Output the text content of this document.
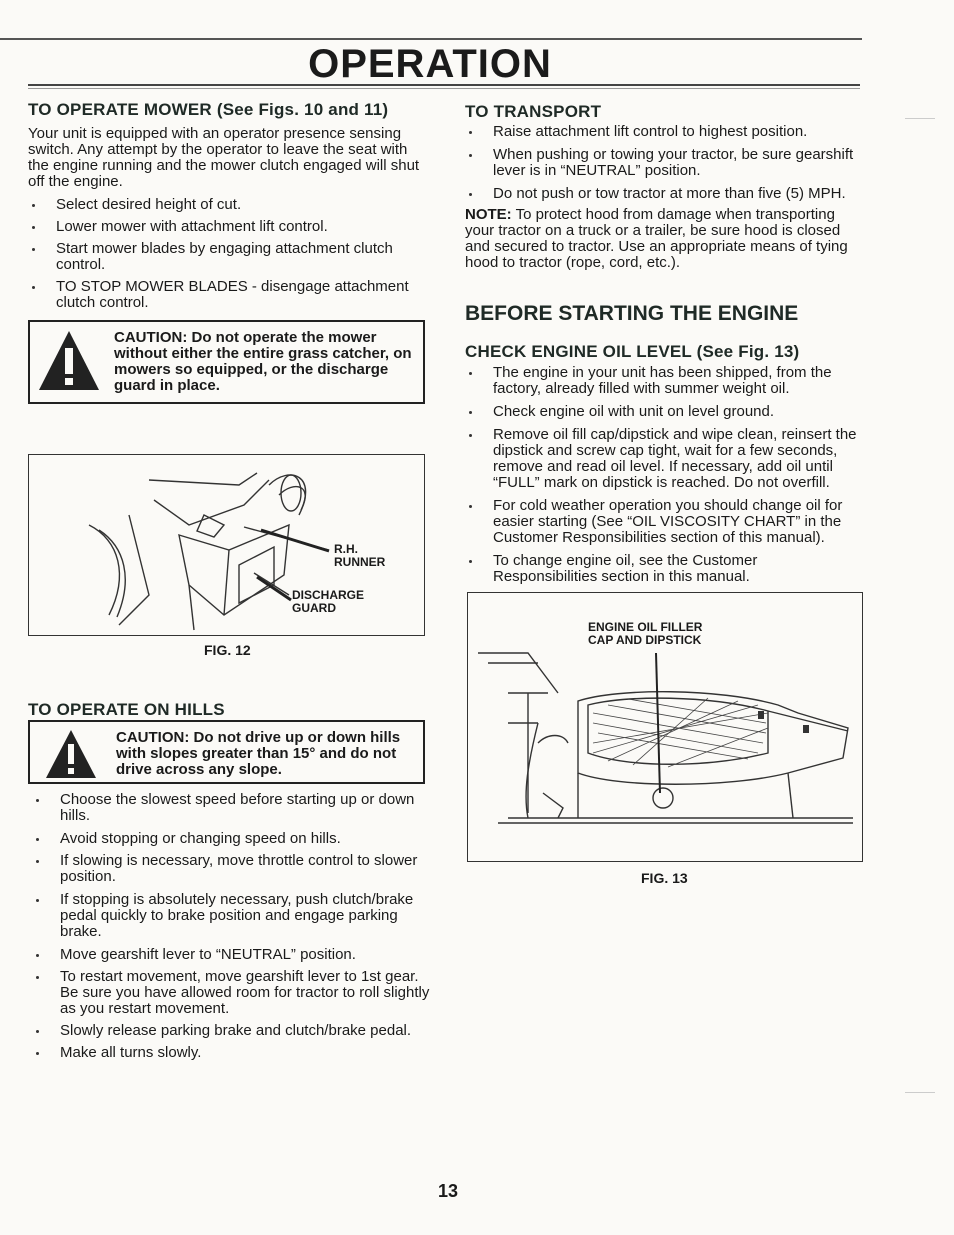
OPERATION
TO OPERATE MOWER (See Figs. 10 and 11)

Your unit is equipped with an operator presence sensing switch. Any attempt by the operator to leave the seat with the engine running and the mower clutch engaged will shut off the engine.

Select desired height of cut.
Lower mower with attachment lift control.
Start mower blades by engaging attachment clutch control.
TO STOP MOWER BLADES - disengage attachment clutch control.
CAUTION: Do not operate the mower without either the entire grass catcher, on mowers so equipped, or the discharge guard in place.
R.H. RUNNER
DISCHARGE GUARD
FIG. 12
TO OPERATE ON HILLS
CAUTION: Do not drive up or down hills with slopes greater than 15° and do not drive across any slope.
Choose the slowest speed before starting up or down hills.
Avoid stopping or changing speed on hills.
If slowing is necessary, move throttle control to slower position.
If stopping is absolutely necessary, push clutch/brake pedal quickly to brake position and engage parking brake.
Move gearshift lever to “NEUTRAL” position.
To restart movement, move gearshift lever to 1st gear. Be sure you have allowed room for tractor to roll slightly as you restart movement.
Slowly release parking brake and clutch/brake pedal.
Make all turns slowly.
TO TRANSPORT
Raise attachment lift control to highest position.
When pushing or towing your tractor, be sure gearshift lever is in “NEUTRAL” position.
Do not push or tow tractor at more than five (5) MPH.

NOTE: To protect hood from damage when transporting your tractor on a truck or a trailer, be sure hood is closed and secured to tractor. Use an appropriate means of tying hood to tractor (rope, cord, etc.).

BEFORE STARTING THE ENGINE
CHECK ENGINE OIL LEVEL (See Fig. 13)
The engine in your unit has been shipped, from the factory, already filled with summer weight oil.
Check engine oil with unit on level ground.
Remove oil fill cap/dipstick and wipe clean, reinsert the dipstick and screw cap tight, wait for a few seconds, remove and read oil level. If necessary, add oil until “FULL” mark on dipstick is reached. Do not overfill.
For cold weather operation you should change oil for easier starting (See “OIL VISCOSITY CHART” in the Customer Responsibilities section of this manual).
To change engine oil, see the Customer Responsibilities section in this manual.
ENGINE OIL FILLER CAP AND DIPSTICK
FIG. 13
13
